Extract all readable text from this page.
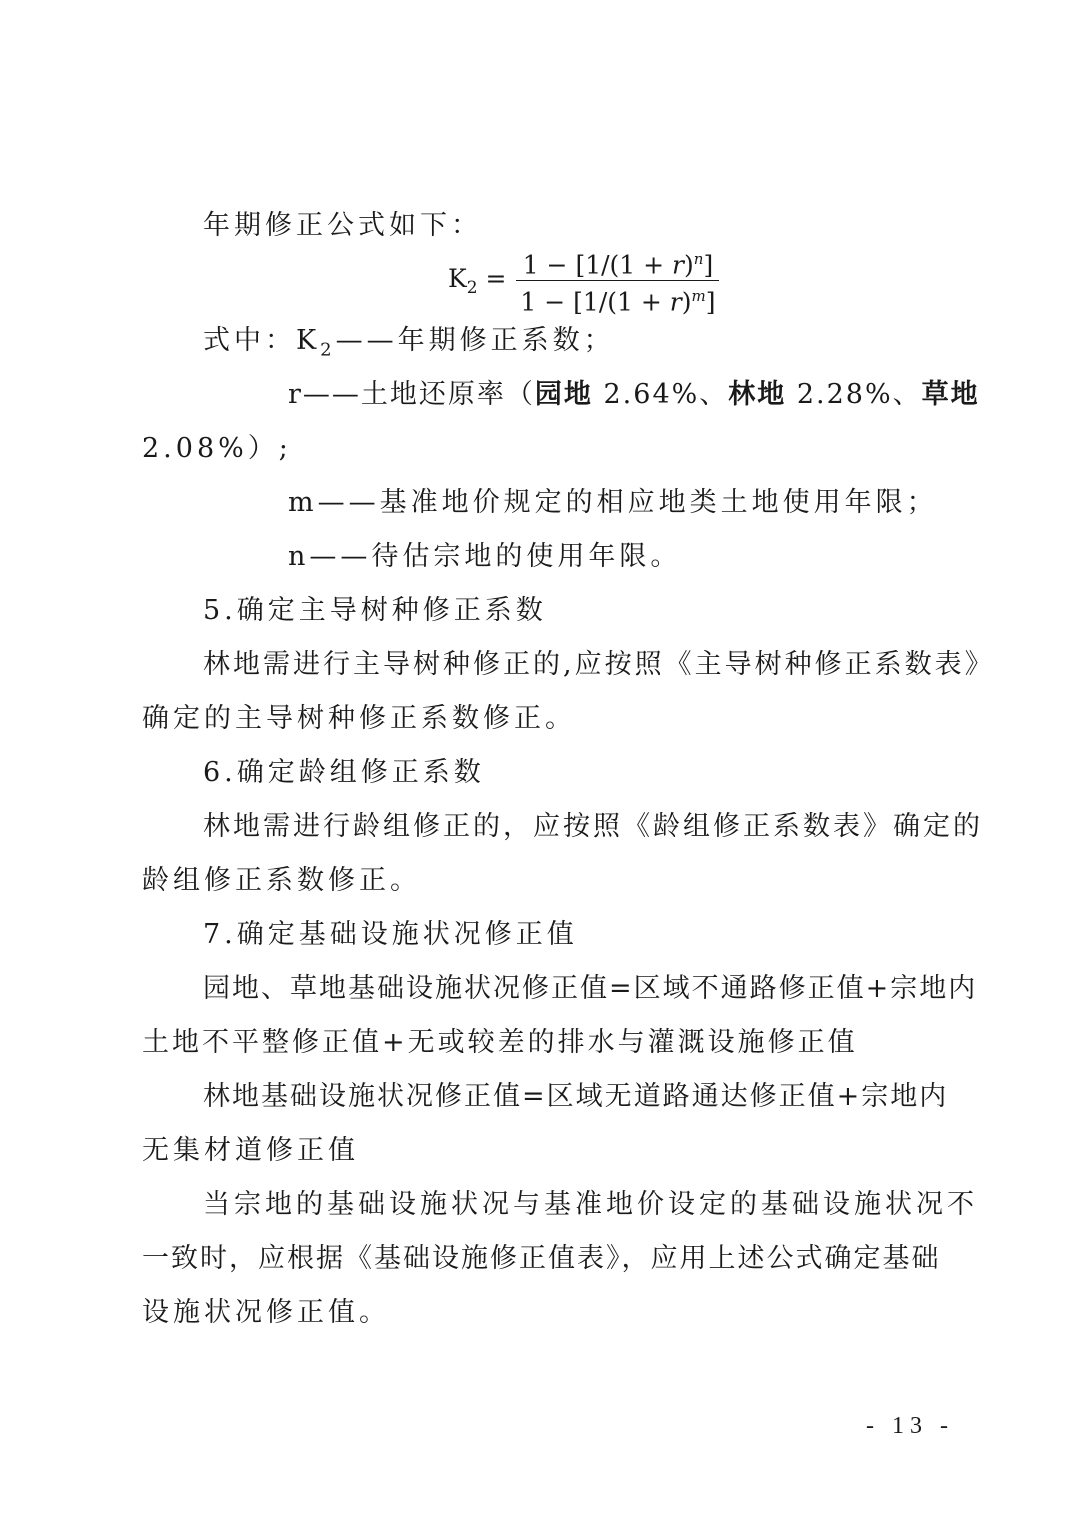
年期修正公式如下：
$K_2 = \frac{1 - [1/(1 + r)^n]}{1 - [1/(1 + r)^m]}$
式中：$K_2——$年期修正系数；
r——土地还原率（园地 2.64%、林地 2.28%、草地
2.08%）;
m——基准地价规定的相应地类土地使用年限；
n——待估宗地的使用年限。
5.确定主导树种修正系数
林地需进行主导树种修正的,应按照《主导树种修正系数表》
确定的主导树种修正系数修正。
6.确定龄组修正系数
林地需进行龄组修正的，应按照《龄组修正系数表》确定的
龄组修正系数修正。
7.确定基础设施状况修正值
园地、草地基础设施状况修正值=区域不通路修正值+宗地内
土地不平整修正值+无或较差的排水与灌溉设施修正值
林地基础设施状况修正值=区域无道路通达修正值+宗地内
无集材道修正值
当宗地的基础设施状况与基准地价设定的基础设施状况不
一致时，应根据《基础设施修正值表》，应用上述公式确定基础
设施状况修正值。
- 13 -
